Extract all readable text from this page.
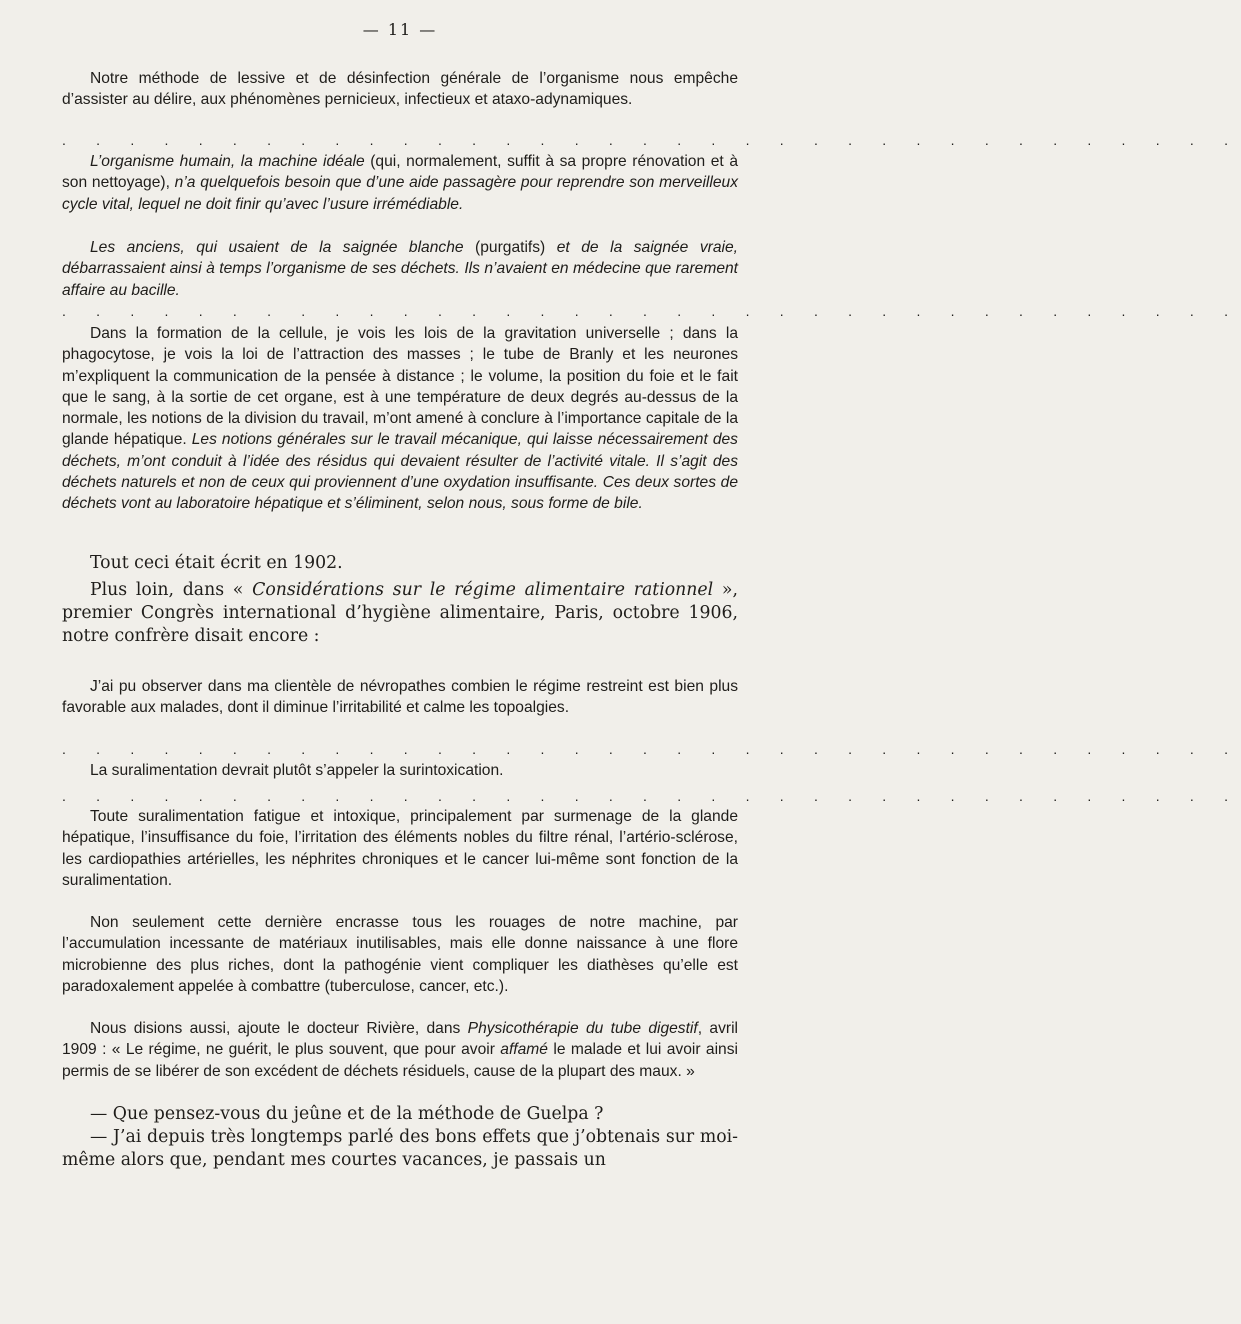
— 11 —

Notre méthode de lessive et de désinfection générale de l’organisme nous empêche d’assister au délire, aux phénomènes pernicieux, infectieux et ataxo-adynamiques.

. . . . . . . . . . . . . . . . . . . . . . . . . . . . . . . . . . .

L’organisme humain, la machine idéale (qui, normalement, suffit à sa propre rénovation et à son nettoyage), n’a quelquefois besoin que d’une aide passagère pour reprendre son merveilleux cycle vital, lequel ne doit finir qu’avec l’usure irrémédiable.

Les anciens, qui usaient de la saignée blanche (purgatifs) et de la saignée vraie, débarrassaient ainsi à temps l’organisme de ses déchets. Ils n’avaient en médecine que rarement affaire au bacille.

. . . . . . . . . . . . . . . . . . . . . . . . . . . . . . . . . . .

Dans la formation de la cellule, je vois les lois de la gravitation universelle ; dans la phagocytose, je vois la loi de l’attraction des masses ; le tube de Branly et les neurones m’expliquent la communication de la pensée à distance ; le volume, la position du foie et le fait que le sang, à la sortie de cet organe, est à une température de deux degrés au-dessus de la normale, les notions de la division du travail, m’ont amené à conclure à l’importance capitale de la glande hépatique. Les notions générales sur le travail mécanique, qui laisse nécessairement des déchets, m’ont conduit à l’idée des résidus qui devaient résulter de l’activité vitale. Il s’agit des déchets naturels et non de ceux qui proviennent d’une oxydation insuffisante. Ces deux sortes de déchets vont au laboratoire hépatique et s’éliminent, selon nous, sous forme de bile.

Tout ceci était écrit en 1902.

Plus loin, dans « Considérations sur le régime alimentaire rationnel », premier Congrès international d’hygiène alimentaire, Paris, octobre 1906, notre confrère disait encore :

J’ai pu observer dans ma clientèle de névropathes combien le régime restreint est bien plus favorable aux malades, dont il diminue l’irritabilité et calme les topoalgies.

. . . . . . . . . . . . . . . . . . . . . . . . . . . . . . . . . . .

La suralimentation devrait plutôt s’appeler la surintoxication.

. . . . . . . . . . . . . . . . . . . . . . . . . . . . . . . . . . .

Toute suralimentation fatigue et intoxique, principalement par surmenage de la glande hépatique, l’insuffisance du foie, l’irritation des éléments nobles du filtre rénal, l’artério-sclérose, les cardiopathies artérielles, les néphrites chroniques et le cancer lui-même sont fonction de la suralimentation.

Non seulement cette dernière encrasse tous les rouages de notre machine, par l’accumulation incessante de matériaux inutilisables, mais elle donne naissance à une flore microbienne des plus riches, dont la pathogénie vient compliquer les diathèses qu’elle est paradoxalement appelée à combattre (tuberculose, cancer, etc.).

Nous disions aussi, ajoute le docteur Rivière, dans Physicothérapie du tube digestif, avril 1909 : « Le régime, ne guérit, le plus souvent, que pour avoir affamé le malade et lui avoir ainsi permis de se libérer de son excédent de déchets résiduels, cause de la plupart des maux. »

— Que pensez-vous du jeûne et de la méthode de Guelpa ?

— J’ai depuis très longtemps parlé des bons effets que j’obtenais sur moi-même alors que, pendant mes courtes vacances, je passais un
